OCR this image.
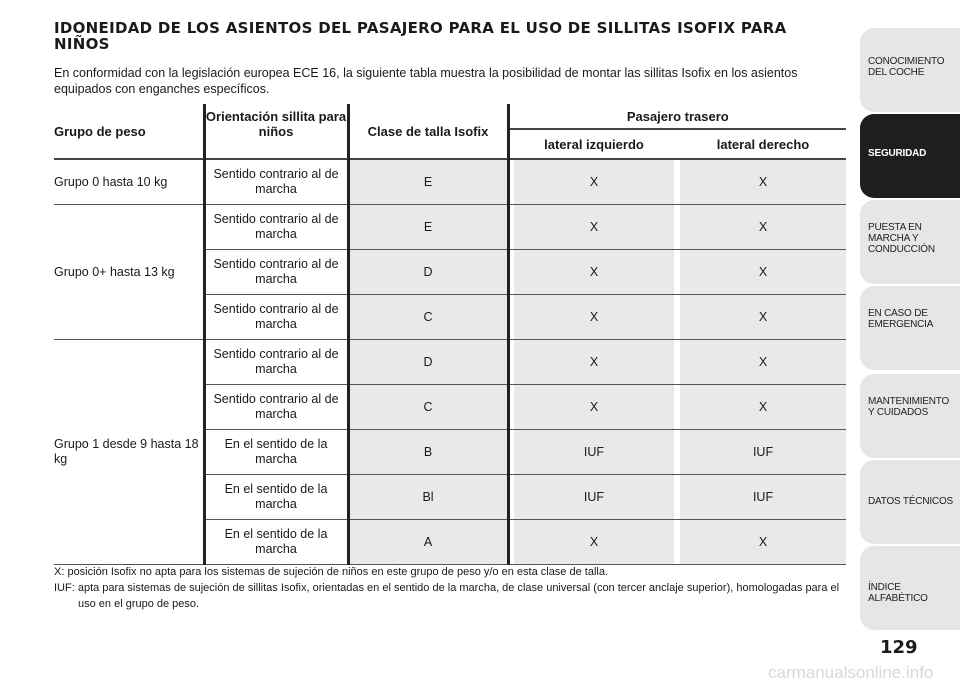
IDONEIDAD DE LOS ASIENTOS DEL PASAJERO PARA EL USO DE SILLITAS ISOFIX PARA NIÑOS
En conformidad con la legislación europea ECE 16, la siguiente tabla muestra la posibilidad de montar las sillitas Isofix en los asientos equipados con enganches específicos.
Grupo de peso	Orientación sillita para niños	Clase de talla Isofix	Pasajero trasero			
				lateral izquierdo		lateral derecho
Grupo 0 hasta 10 kg	Sentido contrario al de marcha	E		X		X
Grupo 0+ hasta 13 kg	Sentido contrario al de marcha	E		X		X
	Sentido contrario al de marcha	D		X		X
	Sentido contrario al de marcha	C		X		X
Grupo 1 desde 9 hasta 18 kg	Sentido contrario al de marcha	D		X		X
	Sentido contrario al de marcha	C		X		X
	En el sentido de la marcha	B		IUF		IUF
	En el sentido de la marcha	Bl		IUF		IUF
	En el sentido de la marcha	A		X		X
X: posición Isofix no apta para los sistemas de sujeción de niños en este grupo de peso y/o en esta clase de talla.
IUF: apta para sistemas de sujeción de sillitas Isofix, orientadas en el sentido de la marcha, de clase universal (con tercer anclaje superior), homologadas para el uso en el grupo de peso.
CONOCIMIENTO DEL COCHE
SEGURIDAD
PUESTA EN MARCHA Y CONDUCCIÓN
EN CASO DE EMERGENCIA
MANTENIMIENTO Y CUIDADOS
DATOS TÉCNICOS
ÍNDICE ALFABÉTICO
129
carmanualsonline.info
